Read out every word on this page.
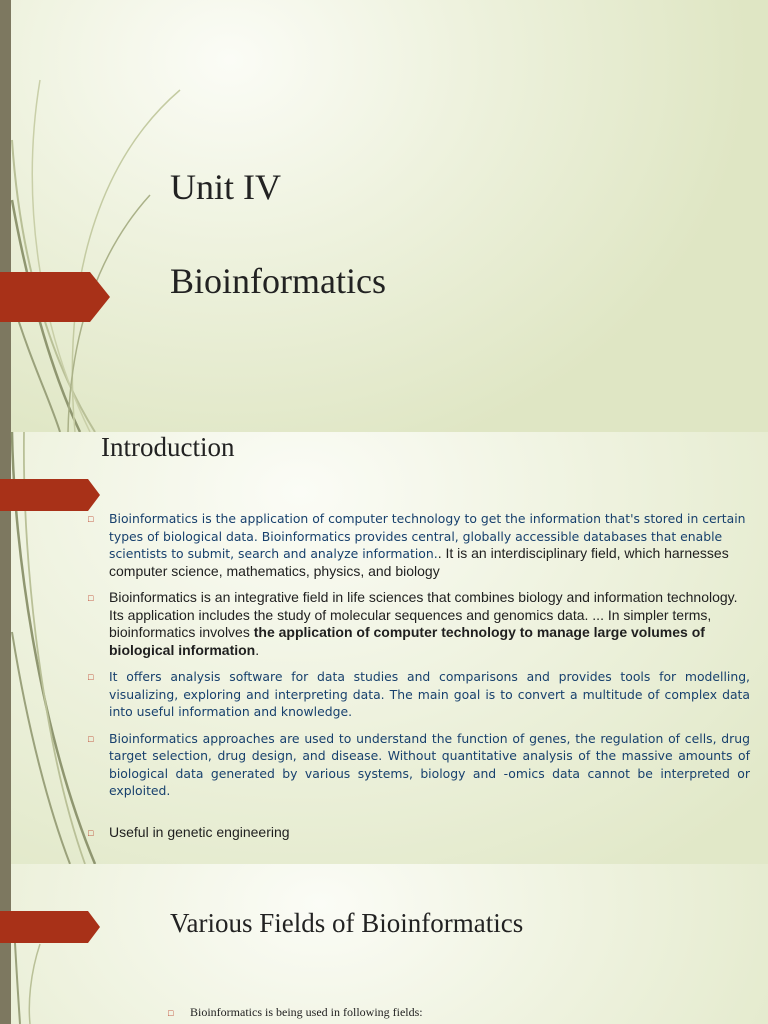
Unit IV
Bioinformatics
Introduction
□ Bioinformatics is the application of computer technology to get the information that's stored in certain types of biological data. Bioinformatics provides central, globally accessible databases that enable scientists to submit, search and analyze information.. It is an interdisciplinary field, which harnesses computer science, mathematics, physics, and biology
□ Bioinformatics is an integrative field in life sciences that combines biology and information technology. Its application includes the study of molecular sequences and genomics data. ... In simpler terms, bioinformatics involves the application of computer technology to manage large volumes of biological information.
□ It offers analysis software for data studies and comparisons and provides tools for modelling, visualizing, exploring and interpreting data. The main goal is to convert a multitude of complex data into useful information and knowledge.
□ Bioinformatics approaches are used to understand the function of genes, the regulation of cells, drug target selection, drug design, and disease. Without quantitative analysis of the massive amounts of biological data generated by various systems, biology and -omics data cannot be interpreted or exploited.
□ Useful in genetic engineering
Various Fields of Bioinformatics
□ Bioinformatics is being used in following fields:
